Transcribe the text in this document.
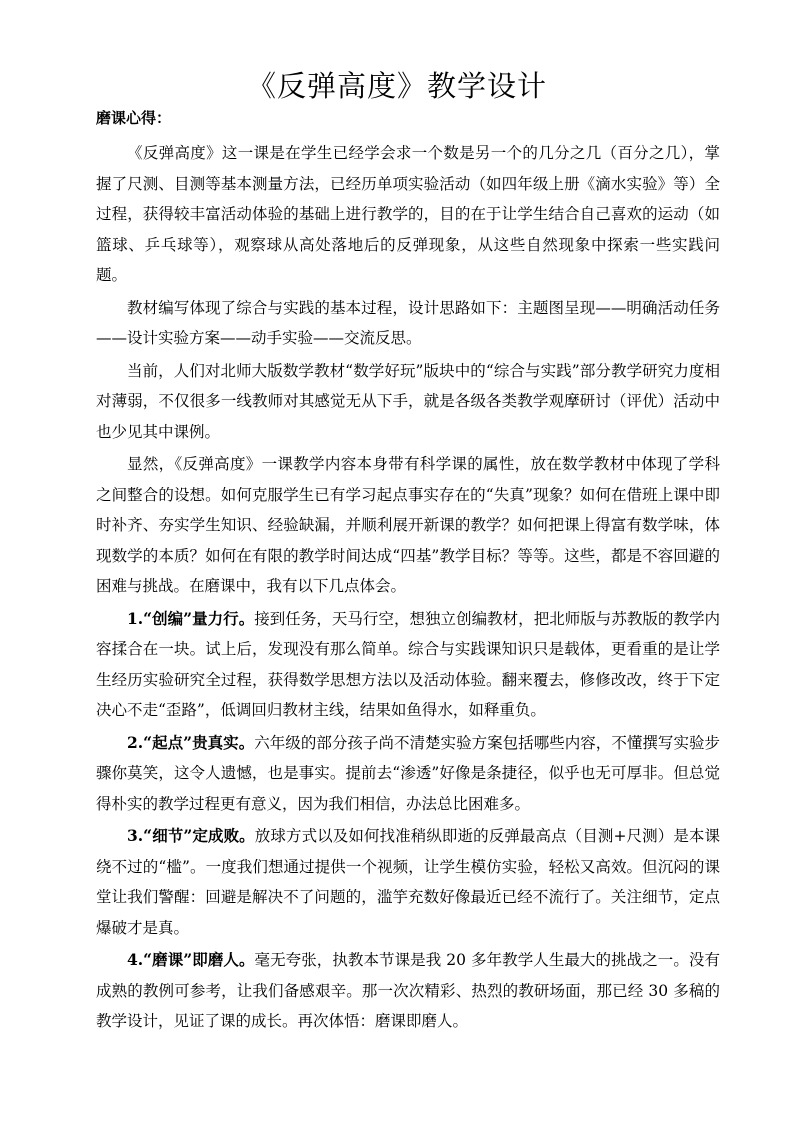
《反弹高度》教学设计
磨课心得：

《反弹高度》这一课是在学生已经学会求一个数是另一个的几分之几（百分之几），掌握了尺测、目测等基本测量方法，已经历单项实验活动（如四年级上册《滴水实验》等）全过程，获得较丰富活动体验的基础上进行教学的，目的在于让学生结合自己喜欢的运动（如篮球、乒乓球等），观察球从高处落地后的反弹现象，从这些自然现象中探索一些实践问题。

教材编写体现了综合与实践的基本过程，设计思路如下：主题图呈现——明确活动任务——设计实验方案——动手实验——交流反思。

当前，人们对北师大版数学教材“数学好玩”版块中的“综合与实践”部分教学研究力度相对薄弱，不仅很多一线教师对其感觉无从下手，就是各级各类教学观摩研讨（评优）活动中也少见其中课例。

显然，《反弹高度》一课教学内容本身带有科学课的属性，放在数学教材中体现了学科之间整合的设想。如何克服学生已有学习起点事实存在的“失真”现象？如何在借班上课中即时补齐、夯实学生知识、经验缺漏，并顺利展开新课的教学？如何把课上得富有数学味，体现数学的本质？如何在有限的教学时间达成“四基”教学目标？等等。这些，都是不容回避的困难与挑战。在磨课中，我有以下几点体会。

1.“创编”量力行。接到任务，天马行空，想独立创编教材，把北师版与苏教版的教学内容揉合在一块。试上后，发现没有那么简单。综合与实践课知识只是载体，更看重的是让学生经历实验研究全过程，获得数学思想方法以及活动体验。翻来覆去，修修改改，终于下定决心不走“歪路”，低调回归教材主线，结果如鱼得水，如释重负。

2.“起点”贵真实。六年级的部分孩子尚不清楚实验方案包括哪些内容，不懂撰写实验步骤你莫笑，这令人遗憾，也是事实。提前去“渗透”好像是条捷径，似乎也无可厚非。但总觉得朴实的教学过程更有意义，因为我们相信，办法总比困难多。

3.“细节”定成败。放球方式以及如何找准稍纵即逝的反弹最高点（目测+尺测）是本课绕不过的“槛”。一度我们想通过提供一个视频，让学生模仿实验，轻松又高效。但沉闷的课堂让我们警醒：回避是解决不了问题的，滥竽充数好像最近已经不流行了。关注细节，定点爆破才是真。

4.“磨课”即磨人。毫无夸张，执教本节课是我 20 多年教学人生最大的挑战之一。没有成熟的教例可参考，让我们备感艰辛。那一次次精彩、热烈的教研场面，那已经 30 多稿的教学设计，见证了课的成长。再次体悟：磨课即磨人。
